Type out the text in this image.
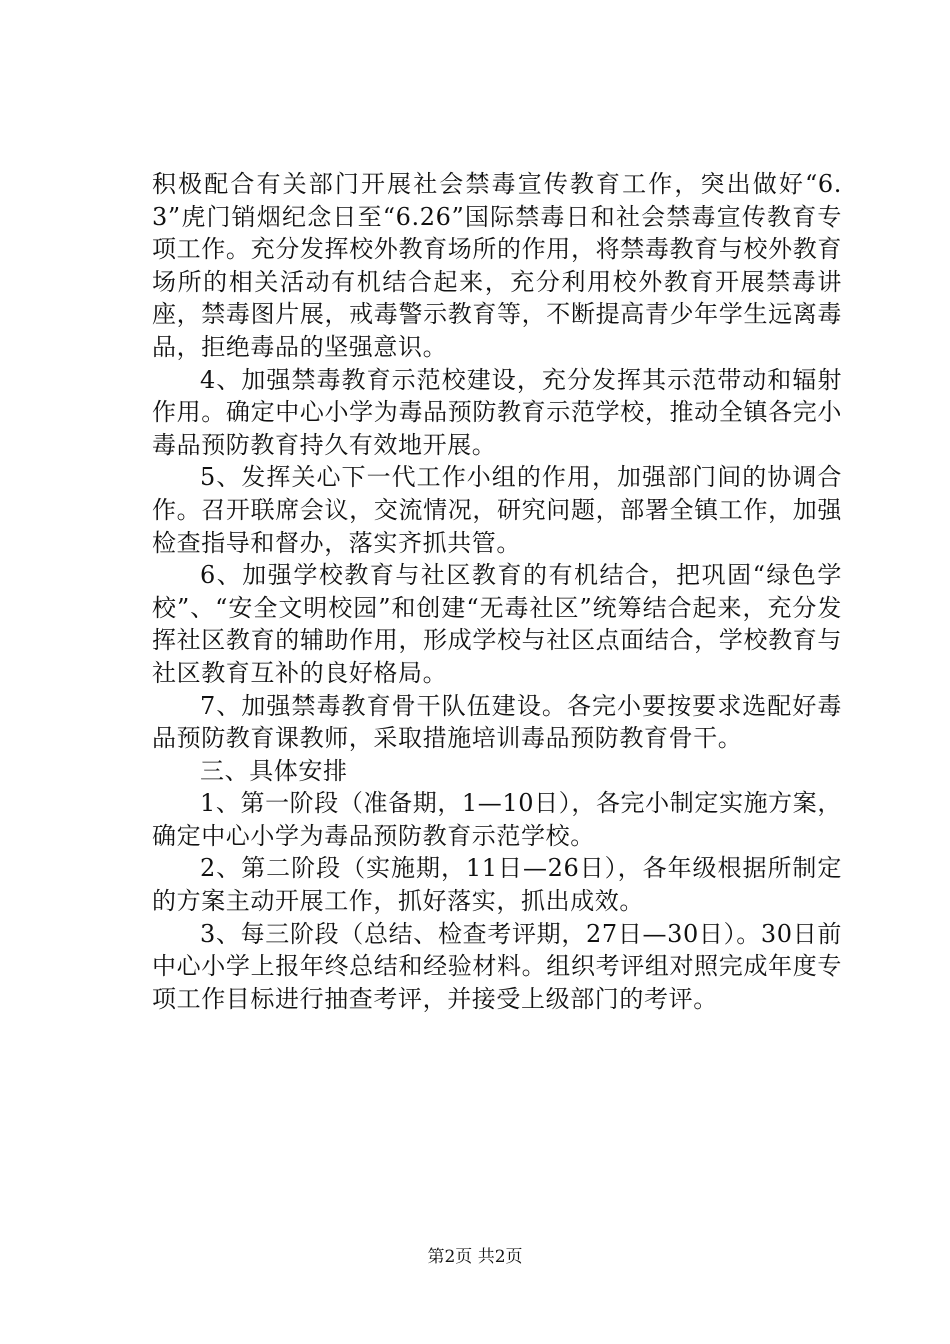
积极配合有关部门开展社会禁毒宣传教育工作，突出做好“6.3”虎门销烟纪念日至“6.26”国际禁毒日和社会禁毒宣传教育专项工作。充分发挥校外教育场所的作用，将禁毒教育与校外教育场所的相关活动有机结合起来，充分利用校外教育开展禁毒讲座，禁毒图片展，戒毒警示教育等，不断提高青少年学生远离毒品，拒绝毒品的坚强意识。

4、加强禁毒教育示范校建设，充分发挥其示范带动和辐射作用。确定中心小学为毒品预防教育示范学校，推动全镇各完小毒品预防教育持久有效地开展。

5、发挥关心下一代工作小组的作用，加强部门间的协调合作。召开联席会议，交流情况，研究问题，部署全镇工作，加强检查指导和督办，落实齐抓共管。

6、加强学校教育与社区教育的有机结合，把巩固“绿色学校”、“安全文明校园”和创建“无毒社区”统筹结合起来，充分发挥社区教育的辅助作用，形成学校与社区点面结合，学校教育与社区教育互补的良好格局。

7、加强禁毒教育骨干队伍建设。各完小要按要求选配好毒品预防教育课教师，采取措施培训毒品预防教育骨干。

三、具体安排

1、第一阶段（准备期，1—10日），各完小制定实施方案，确定中心小学为毒品预防教育示范学校。

2、第二阶段（实施期，11日—26日），各年级根据所制定的方案主动开展工作，抓好落实，抓出成效。

3、每三阶段（总结、检查考评期，27日—30日）。30日前中心小学上报年终总结和经验材料。组织考评组对照完成年度专项工作目标进行抽查考评，并接受上级部门的考评。

第2页 共2页
